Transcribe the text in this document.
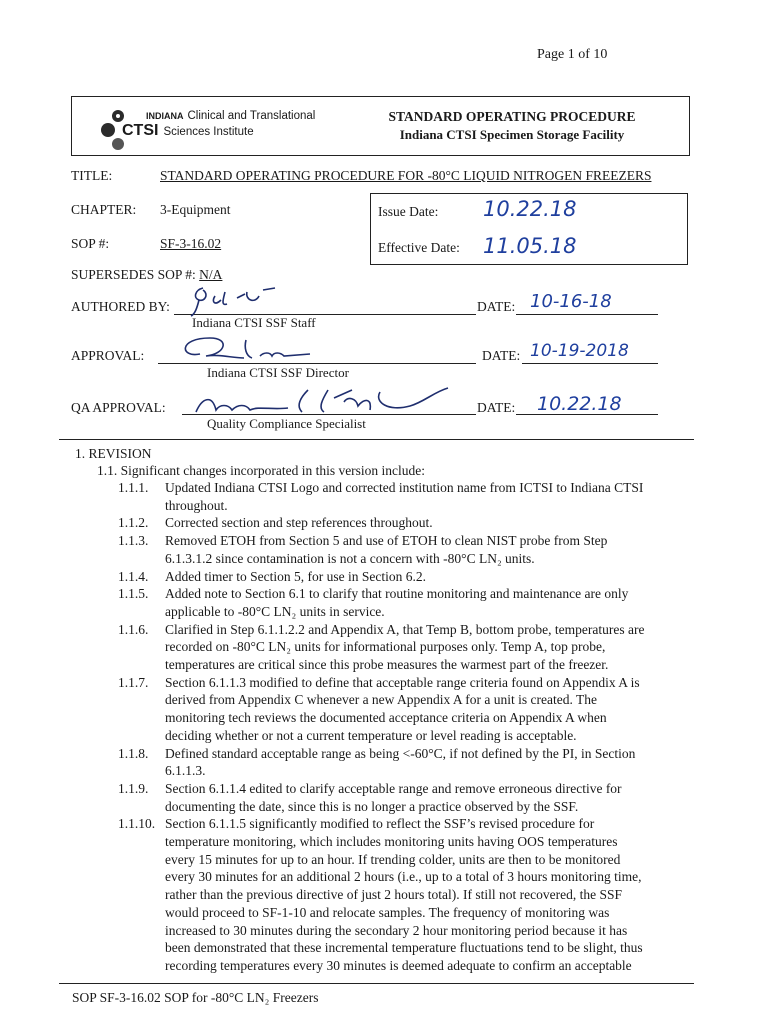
Page 1 of 10
INDIANA Clinical and Translational
CTSI Sciences Institute
STANDARD OPERATING PROCEDURE
Indiana CTSI Specimen Storage Facility
TITLE:	STANDARD OPERATING PROCEDURE FOR -80°C LIQUID NITROGEN FREEZERS
CHAPTER: 3-Equipment
SOP #:	SF-3-16.02
Issue Date: 10.22.18
Effective Date: 11.05.18
SUPERSEDES SOP #: N/A
AUTHORED BY:	DATE: 10-16-18
Indiana CTSI SSF Staff
APPROVAL:	DATE: 10-19-2018
Indiana CTSI SSF Director
QA APPROVAL:	DATE: 10.22.18
Quality Compliance Specialist
1. REVISION
1.1. Significant changes incorporated in this version include:
1.1.1. Updated Indiana CTSI Logo and corrected institution name from ICTSI to Indiana CTSI
throughout.
1.1.2. Corrected section and step references throughout.
1.1.3. Removed ETOH from Section 5 and use of ETOH to clean NIST probe from Step
6.1.3.1.2 since contamination is not a concern with -80°C LN₂ units.
1.1.4. Added timer to Section 5, for use in Section 6.2.
1.1.5. Added note to Section 6.1 to clarify that routine monitoring and maintenance are only
applicable to -80°C LN₂ units in service.
1.1.6. Clarified in Step 6.1.1.2.2 and Appendix A, that Temp B, bottom probe, temperatures are
recorded on -80°C LN₂ units for informational purposes only. Temp A, top probe,
temperatures are critical since this probe measures the warmest part of the freezer.
1.1.7. Section 6.1.1.3 modified to define that acceptable range criteria found on Appendix A is
derived from Appendix C whenever a new Appendix A for a unit is created. The
monitoring tech reviews the documented acceptance criteria on Appendix A when
deciding whether or not a current temperature or level reading is acceptable.
1.1.8. Defined standard acceptable range as being <-60°C, if not defined by the PI, in Section
6.1.1.3.
1.1.9. Section 6.1.1.4 edited to clarify acceptable range and remove erroneous directive for
documenting the date, since this is no longer a practice observed by the SSF.
1.1.10. Section 6.1.1.5 significantly modified to reflect the SSF’s revised procedure for
temperature monitoring, which includes monitoring units having OOS temperatures
every 15 minutes for up to an hour. If trending colder, units are then to be monitored
every 30 minutes for an additional 2 hours (i.e., up to a total of 3 hours monitoring time,
rather than the previous directive of just 2 hours total). If still not recovered, the SSF
would proceed to SF-1-10 and relocate samples. The frequency of monitoring was
increased to 30 minutes during the secondary 2 hour monitoring period because it has
been demonstrated that these incremental temperature fluctuations tend to be slight, thus
recording temperatures every 30 minutes is deemed adequate to confirm an acceptable
SOP SF-3-16.02 SOP for -80°C LN₂ Freezers
